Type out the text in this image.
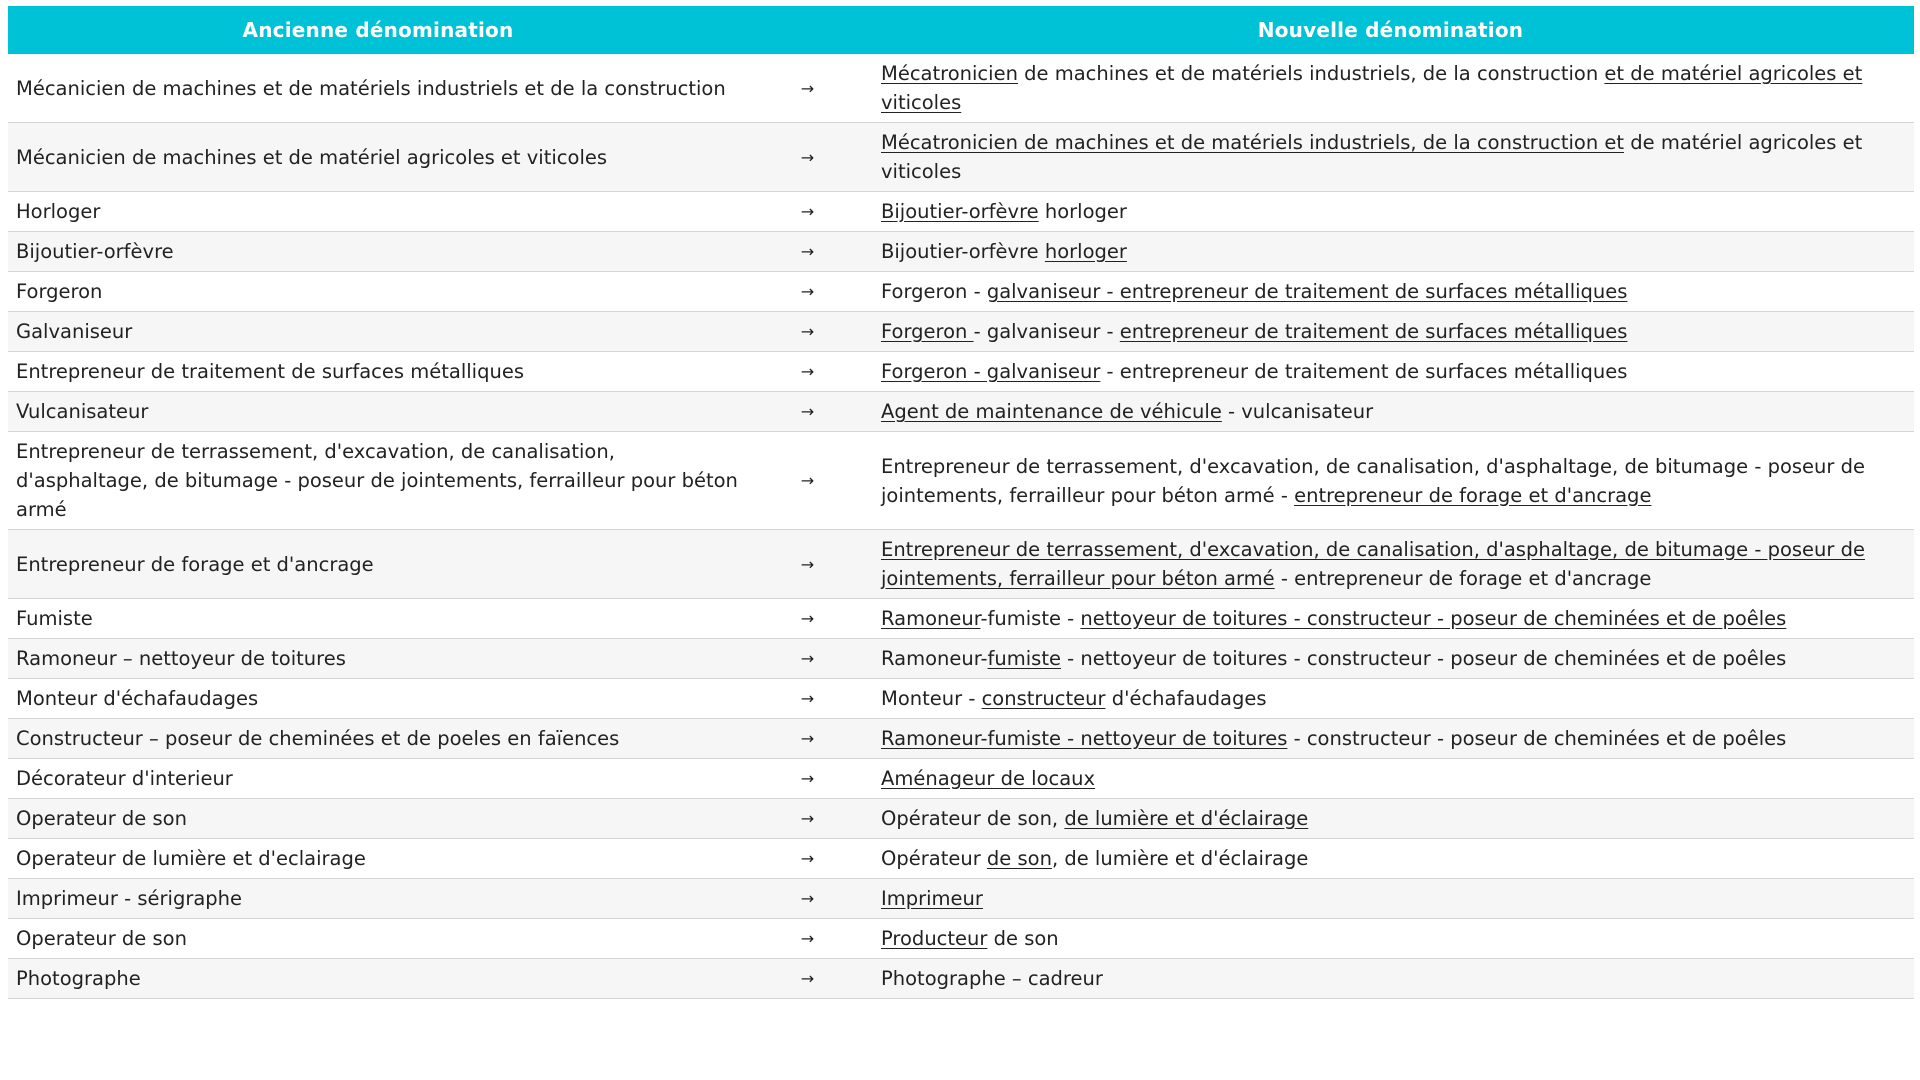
Ancienne dénomination		Nouvelle dénomination
Mécanicien de machines et de matériels industriels et de la construction	→	Mécatronicien de machines et de matériels industriels, de la construction et de matériel agricoles et viticoles
Mécanicien de machines et de matériel agricoles et viticoles	→	Mécatronicien de machines et de matériels industriels, de la construction et de matériel agricoles et viticoles
Horloger	→	Bijoutier-orfèvre horloger
Bijoutier-orfèvre	→	Bijoutier-orfèvre horloger
Forgeron	→	Forgeron - galvaniseur - entrepreneur de traitement de surfaces métalliques
Galvaniseur	→	Forgeron - galvaniseur - entrepreneur de traitement de surfaces métalliques
Entrepreneur de traitement de surfaces métalliques	→	Forgeron - galvaniseur - entrepreneur de traitement de surfaces métalliques
Vulcanisateur	→	Agent de maintenance de véhicule - vulcanisateur
Entrepreneur de terrassement, d'excavation, de canalisation, d'asphaltage, de bitumage - poseur de jointements, ferrailleur pour béton armé	→	Entrepreneur de terrassement, d'excavation, de canalisation, d'asphaltage, de bitumage - poseur de jointements, ferrailleur pour béton armé - entrepreneur de forage et d'ancrage
Entrepreneur de forage et d'ancrage	→	Entrepreneur de terrassement, d'excavation, de canalisation, d'asphaltage, de bitumage - poseur de jointements, ferrailleur pour béton armé - entrepreneur de forage et d'ancrage
Fumiste	→	Ramoneur-fumiste - nettoyeur de toitures - constructeur - poseur de cheminées et de poêles
Ramoneur – nettoyeur de toitures	→	Ramoneur-fumiste - nettoyeur de toitures - constructeur - poseur de cheminées et de poêles
Monteur d'échafaudages	→	Monteur - constructeur d'échafaudages
Constructeur – poseur de cheminées et de poeles en faïences	→	Ramoneur-fumiste - nettoyeur de toitures - constructeur - poseur de cheminées et de poêles
Décorateur d'interieur	→	Aménageur de locaux
Operateur de son	→	Opérateur de son, de lumière et d'éclairage
Operateur de lumière et d'eclairage	→	Opérateur de son, de lumière et d'éclairage
Imprimeur - sérigraphe	→	Imprimeur
Operateur de son	→	Producteur de son
Photographe	→	Photographe – cadreur
